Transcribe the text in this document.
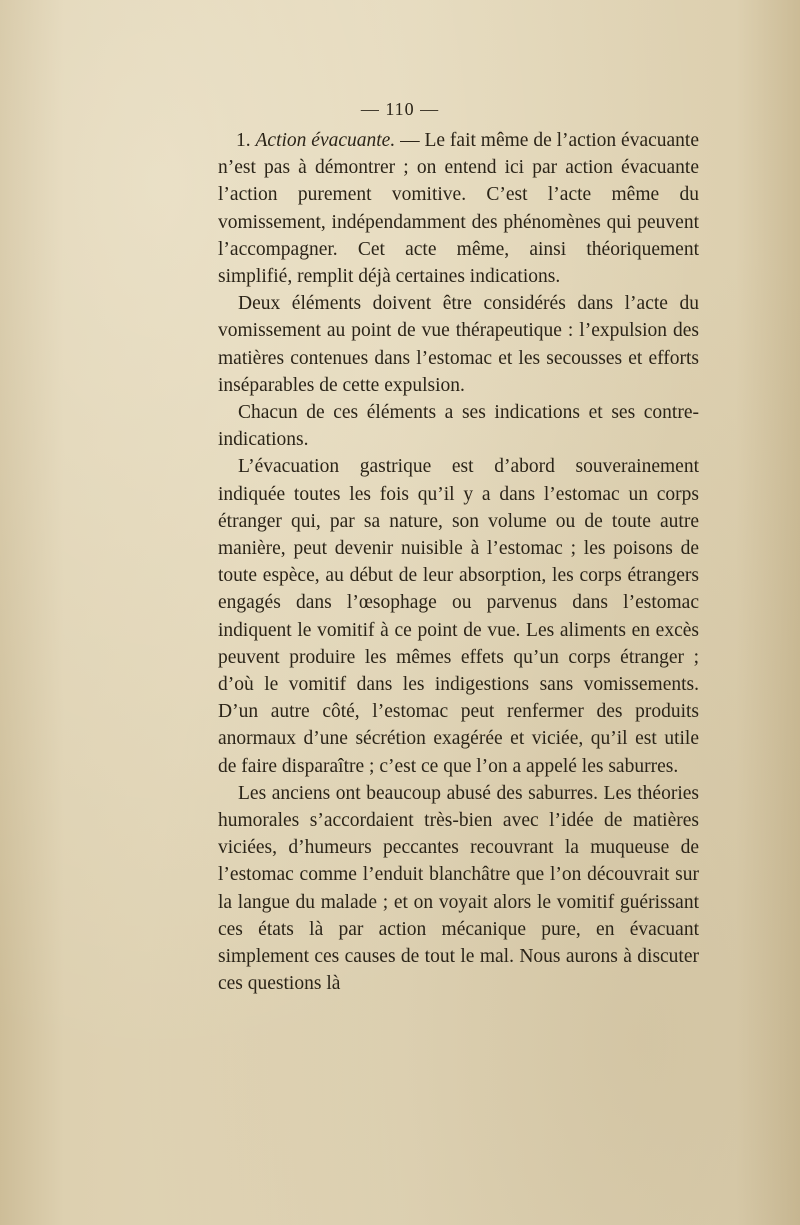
— 110 —

1. Action évacuante. — Le fait même de l’action évacuante n’est pas à démontrer ; on entend ici par action évacuante l’action purement vomitive. C’est l’acte même du vomissement, indépendamment des phénomènes qui peuvent l’accompagner. Cet acte même, ainsi théoriquement simplifié, remplit déjà certaines indications.

Deux éléments doivent être considérés dans l’acte du vomissement au point de vue thérapeutique : l’expulsion des matières contenues dans l’estomac et les secousses et efforts inséparables de cette expulsion.

Chacun de ces éléments a ses indications et ses contre-indications.

L’évacuation gastrique est d’abord souverainement indiquée toutes les fois qu’il y a dans l’estomac un corps étranger qui, par sa nature, son volume ou de toute autre manière, peut devenir nuisible à l’estomac ; les poisons de toute espèce, au début de leur absorption, les corps étrangers engagés dans l’œsophage ou parvenus dans l’estomac indiquent le vomitif à ce point de vue. Les aliments en excès peuvent produire les mêmes effets qu’un corps étranger ; d’où le vomitif dans les indigestions sans vomissements. D’un autre côté, l’estomac peut renfermer des produits anormaux d’une sécrétion exagérée et viciée, qu’il est utile de faire disparaître ; c’est ce que l’on a appelé les saburres.

Les anciens ont beaucoup abusé des saburres. Les théories humorales s’accordaient très-bien avec l’idée de matières viciées, d’humeurs peccantes recouvrant la muqueuse de l’estomac comme l’enduit blanchâtre que l’on découvrait sur la langue du malade ; et on voyait alors le vomitif guérissant ces états là par action mécanique pure, en évacuant simplement ces causes de tout le mal. Nous aurons à discuter ces questions là
